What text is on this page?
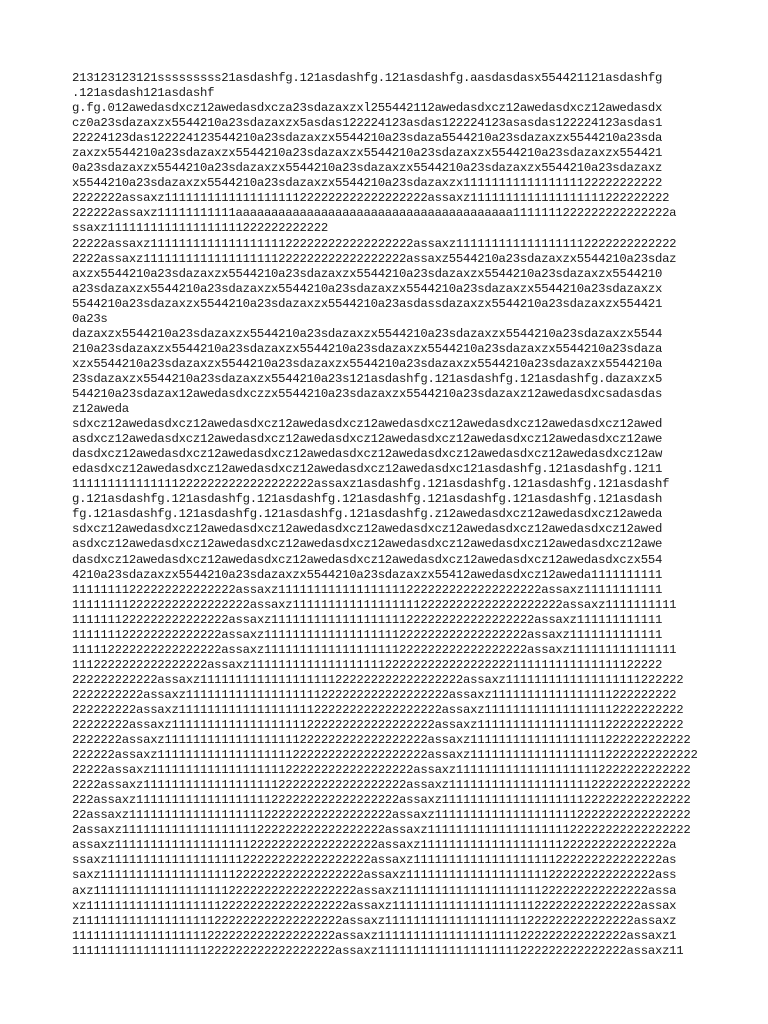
213123123121sssssssss21asdashfg.121asdashfg.121asdashfg.aasdasdasx554421121asdashfg
.121asdash121asdashf
g.fg.012awedasdxcz12awedasdxcza23sdazaxzxl255442112awedasdxcz12awedasdxcz12awedasdx
cz0a23sdazaxzx5544210a23sdazaxzx5asdas122224123asdas122224123asasdas122224123asdas1
22224123das122224123544210a23sdazaxzx5544210a23sdaza5544210a23sdazaxzx5544210a23sda
zaxzx5544210a23sdazaxzx5544210a23sdazaxzx5544210a23sdazaxzx5544210a23sdazaxzx554421
0a23sdazaxzx5544210a23sdazaxzx5544210a23sdazaxzx5544210a23sdazaxzx5544210a23sdazaxz
x5544210a23sdazaxzx5544210a23sdazaxzx5544210a23sdazaxzx1111111111111111122222222222
2222222assaxz1111111111111111111222222222222222222assaxz1111111111111111111222222222
222222assaxz11111111111aaaaaaaaaaaaaaaaaaaaaaaaaaaaaaaaaaaaaaa1111111222222222222222a
ssaxz1111111111111111111222222222222
22222assaxz1111111111111111111222222222222222222assaxz1111111111111111112222222222222
2222assaxz1111111111111111111222222222222222222assaxz5544210a23sdazaxzx5544210a23sdaz
axzx5544210a23sdazaxzx5544210a23sdazaxzx5544210a23sdazaxzx5544210a23sdazaxzx5544210
a23sdazaxzx5544210a23sdazaxzx5544210a23sdazaxzx5544210a23sdazaxzx5544210a23sdazaxzx
5544210a23sdazaxzx5544210a23sdazaxzx5544210a23asdassdazaxzx5544210a23sdazaxzx554421
0a23s
dazaxzx5544210a23sdazaxzx5544210a23sdazaxzx5544210a23sdazaxzx5544210a23sdazaxzx5544
210a23sdazaxzx5544210a23sdazaxzx5544210a23sdazaxzx5544210a23sdazaxzx5544210a23sdaza
xzx5544210a23sdazaxzx5544210a23sdazaxzx5544210a23sdazaxzx5544210a23sdazaxzx5544210a
23sdazaxzx5544210a23sdazaxzx5544210a23s121asdashfg.121asdashfg.121asdashfg.dazaxzx5
544210a23sdazax12awedasdxczzx5544210a23sdazaxzx5544210a23sdazaxz12awedasdxcsadasdas
z12aweda
sdxcz12awedasdxcz12awedasdxcz12awedasdxcz12awedasdxcz12awedasdxcz12awedasdxcz12awed
asdxcz12awedasdxcz12awedasdxcz12awedasdxcz12awedasdxcz12awedasdxcz12awedasdxcz12awe
dasdxcz12awedasdxcz12awedasdxcz12awedasdxcz12awedasdxcz12awedasdxcz12awedasdxcz12aw
edasdxcz12awedasdxcz12awedasdxcz12awedasdxcz12awedasdxc121asdashfg.121asdashfg.1211
1111111111111112222222222222222222assaxz1asdashfg.121asdashfg.121asdashfg.121asdashf
g.121asdashfg.121asdashfg.121asdashfg.121asdashfg.121asdashfg.121asdashfg.121asdash
fg.121asdashfg.121asdashfg.121asdashfg.121asdashfg.z12awedasdxcz12awedasdxcz12aweda
sdxcz12awedasdxcz12awedasdxcz12awedasdxcz12awedasdxcz12awedasdxcz12awedasdxcz12awed
asdxcz12awedasdxcz12awedasdxcz12awedasdxcz12awedasdxcz12awedasdxcz12awedasdxcz12awe
dasdxcz12awedasdxcz12awedasdxcz12awedasdxcz12awedasdxcz12awedasdxcz12awedasdxczx554
4210a23sdazaxzx5544210a23sdazaxzx5544210a23sdazaxzx55412awedasdxcz12aweda1111111111
11111111222222222222222assaxz1111111111111111112222222222222222222assaxz11111111111
1111111122222222222222222assaxz11111111111111111122222222222222222222assaxz1111111111
1111111222222222222222assaxz1111111111111111111222222222222222222assaxz111111111111
111111122222222222222assaxz1111111111111111111222222222222222222assaxz1111111111111
111112222222222222222assaxz1111111111111111111222222222222222222assaxz111111111111111
1112222222222222222assaxz1111111111111111111222222222222222222111111111111111122222
222222222222assaxz1111111111111111111222222222222222222assaxz1111111111111111111222222
2222222222assaxz1111111111111111111222222222222222222assaxz11111111111111111222222222
222222222assaxz1111111111111111111222222222222222222assaxz1111111111111111112222222222
22222222assaxz1111111111111111111222222222222222222assaxz11111111111111111122222222222
2222222assaxz1111111111111111111222222222222222222assaxz1111111111111111111222222222222
222222assaxz11111111111111111112222222222222222222assaxz11111111111111111112222222222222
22222assaxz1111111111111111111222222222222222222assaxz111111111111111111112222222222222
2222assaxz1111111111111111111222222222222222222assaxz1111111111111111111122222222222222
222assaxz1111111111111111111222222222222222222assaxz11111111111111111111222222222222222
22assaxz1111111111111111111222222222222222222assaxz111111111111111111112222222222222222
2assaxz1111111111111111111222222222222222222assaxz1111111111111111111122222222222222222
assaxz1111111111111111111222222222222222222assaxz11111111111111111111222222222222222a
ssaxz1111111111111111111222222222222222222assaxz11111111111111111111222222222222222as
saxz1111111111111111111222222222222222222assaxz11111111111111111111222222222222222ass
axz1111111111111111111222222222222222222assaxz11111111111111111111222222222222222assa
xz1111111111111111111222222222222222222assaxz11111111111111111111222222222222222assax
z1111111111111111111222222222222222222assaxz11111111111111111111222222222222222assaxz
1111111111111111111222222222222222222assaxz11111111111111111111222222222222222assaxz1
1111111111111111111222222222222222222assaxz11111111111111111111222222222222222assaxz11
